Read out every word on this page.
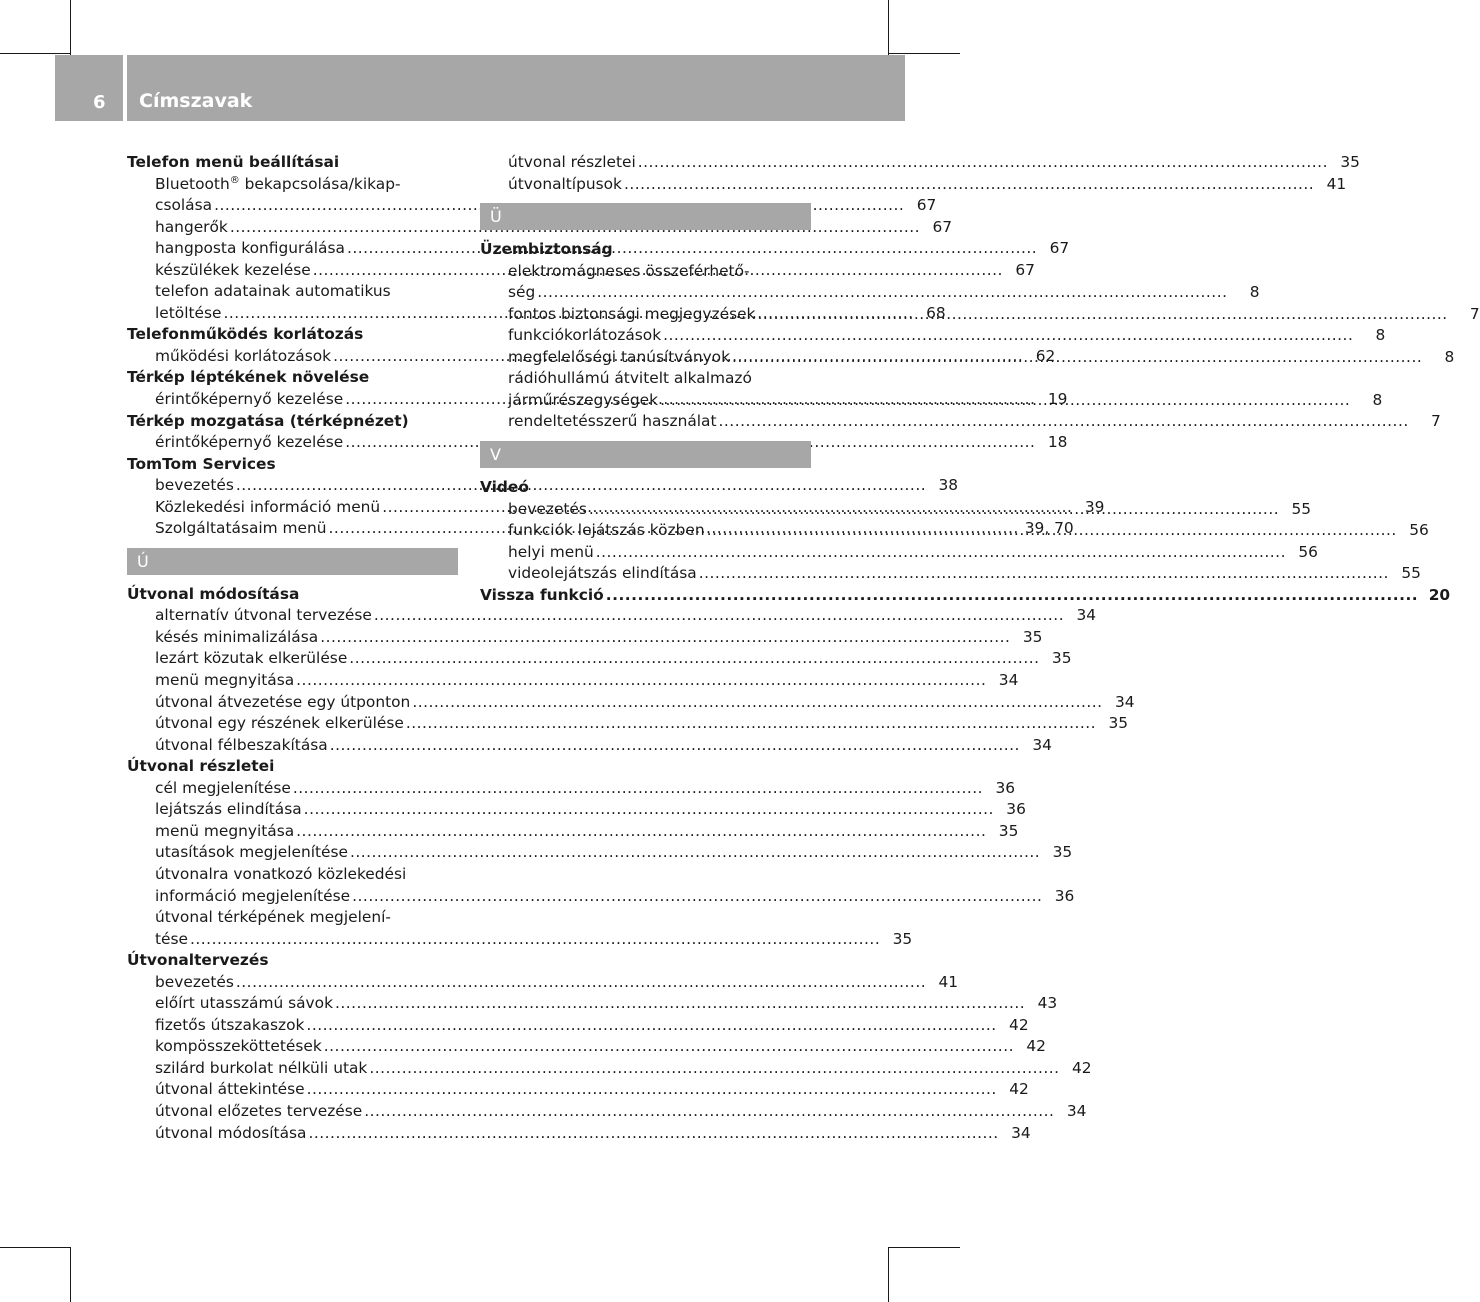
6 Címszavak
Telefon menü beállításai
Bluetooth® bekapcsolása/kikap-
csolása .....	67
hangerők .....	67
hangposta konfigurálása .....	67
készülékek kezelése .....	67
telefon adatainak automatikus
letöltése .....	68
Telefonműködés korlátozás
működési korlátozások .....	62
Térkép léptékének növelése
érintőképernyő kezelése .....	19
Térkép mozgatása (térképnézet)
érintőképernyő kezelése .....	18
TomTom Services
bevezetés .....	38
Közlekedési információ menü .....	39
Szolgáltatásaim menü .....	39, 70
Ú
Útvonal módosítása
alternatív útvonal tervezése .....	34
késés minimalizálása .....	35
lezárt közutak elkerülése .....	35
menü megnyitása .....	34
útvonal átvezetése egy útponton .....	34
útvonal egy részének elkerülése .....	35
útvonal félbeszakítása .....	34
Útvonal részletei
cél megjelenítése .....	36
lejátszás elindítása .....	36
menü megnyitása .....	35
utasítások megjelenítése .....	35
útvonalra vonatkozó közlekedési
információ megjelenítése .....	36
útvonal térképének megjelení-
tése .....	35
Útvonaltervezés
bevezetés .....	41
előírt utasszámú sávok .....	43
fizetős útszakaszok .....	42
kompösszeköttetések .....	42
szilárd burkolat nélküli utak .....	42
útvonal áttekintése .....	42
útvonal előzetes tervezése .....	34
útvonal módosítása .....	34
útvonal részletei .....	35
útvonaltípusok .....	41
Ü
Üzembiztonság
elektromágneses összeférhető-
ség .....	8
fontos biztonsági megjegyzések .....	7
funkciókorlátozások .....	8
megfelelőségi tanúsítványok .....	8
rádióhullámú átvitelt alkalmazó
járműrészegységek .....	8
rendeltetésszerű használat .....	7
V
Videó
bevezetés .....	55
funkciók lejátszás közben .....	56
helyi menü .....	56
videolejátszás elindítása .....	55
Vissza funkció .....	20
